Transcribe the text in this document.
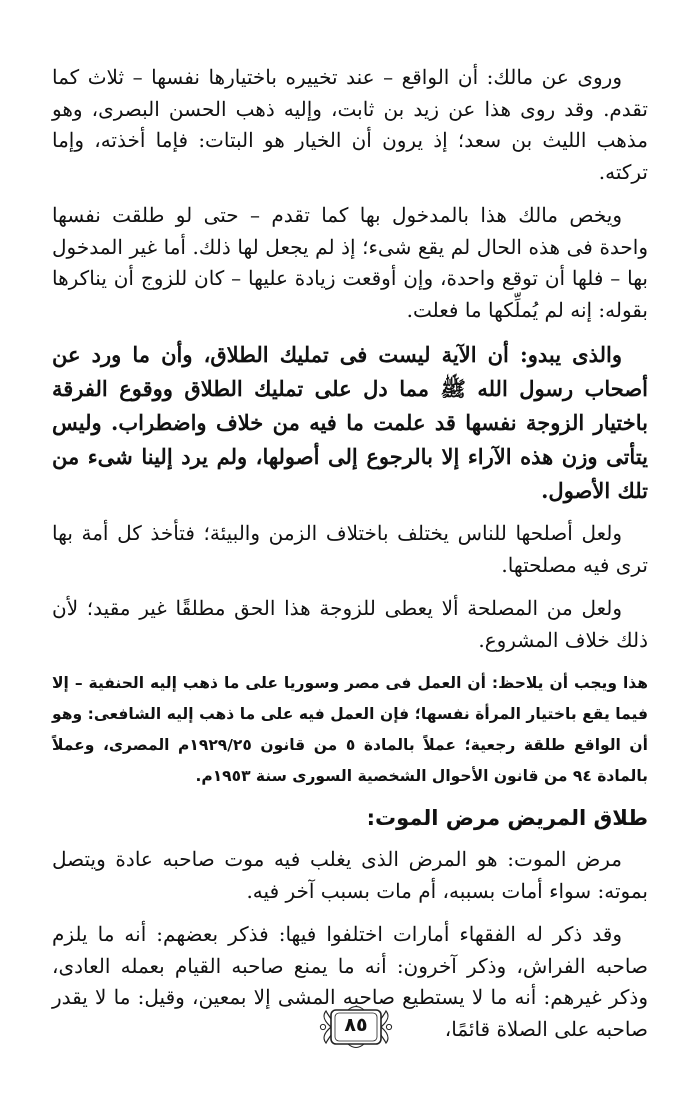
وروى عن مالك: أن الواقع – عند تخييره باختيارها نفسها – ثلاث كما تقدم. وقد روى هذا عن زيد بن ثابت، وإليه ذهب الحسن البصرى، وهو مذهب الليث بن سعد؛ إذ يرون أن الخيار هو البتات: فإما أخذته، وإما تركته.

ويخص مالك هذا بالمدخول بها كما تقدم – حتى لو طلقت نفسها واحدة فى هذه الحال لم يقع شىء؛ إذ لم يجعل لها ذلك. أما غير المدخول بها – فلها أن توقع واحدة، وإن أوقعت زيادة عليها – كان للزوج أن يناكرها بقوله: إنه لم يُملِّكها ما فعلت.

والذى يبدو: أن الآية ليست فى تمليك الطلاق، وأن ما ورد عن أصحاب رسول الله ﷺ مما دل على تمليك الطلاق ووقوع الفرقة باختيار الزوجة نفسها قد علمت ما فيه من خلاف واضطراب. وليس يتأتى وزن هذه الآراء إلا بالرجوع إلى أصولها، ولم يرد إلينا شىء من تلك الأصول.

ولعل أصلحها للناس يختلف باختلاف الزمن والبيئة؛ فتأخذ كل أمة بها ترى فيه مصلحتها.

ولعل من المصلحة ألا يعطى للزوجة هذا الحق مطلقًا غير مقيد؛ لأن ذلك خلاف المشروع.

هذا ويجب أن يلاحظ: أن العمل فى مصر وسوريا على ما ذهب إليه الحنفية – إلا فيما يقع باختيار المرأة نفسها؛ فإن العمل فيه على ما ذهب إليه الشافعى: وهو أن الواقع طلقة رجعية؛ عملاً بالمادة ٥ من قانون ١٩٢٩/٢٥م المصرى، وعملاً بالمادة ٩٤ من قانون الأحوال الشخصية السورى سنة ١٩٥٣م.

طلاق المريض مرض الموت:

مرض الموت: هو المرض الذى يغلب فيه موت صاحبه عادة ويتصل بموته: سواء أمات بسببه، أم مات بسبب آخر فيه.

وقد ذكر له الفقهاء أمارات اختلفوا فيها: فذكر بعضهم: أنه ما يلزم صاحبه الفراش، وذكر آخرون: أنه ما يمنع صاحبه القيام بعمله العادى، وذكر غيرهم: أنه ما لا يستطيع صاحبه المشى إلا بمعين، وقيل: ما لا يقدر صاحبه على الصلاة قائمًا،

٨٥
